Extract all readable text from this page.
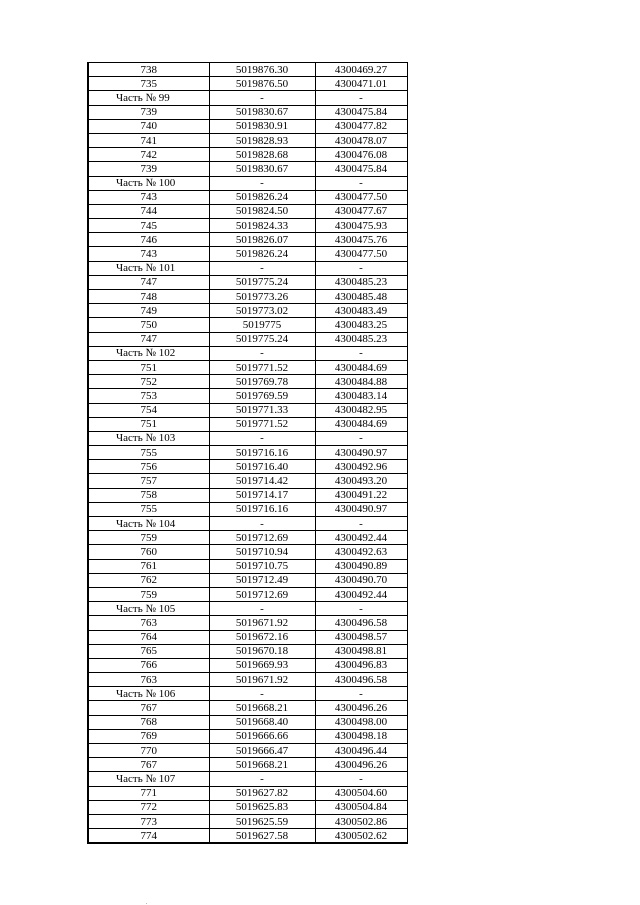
738	5019876.30	4300469.27
735	5019876.50	4300471.01
Часть № 99	-	-
739	5019830.67	4300475.84
740	5019830.91	4300477.82
741	5019828.93	4300478.07
742	5019828.68	4300476.08
739	5019830.67	4300475.84
Часть № 100	-	-
743	5019826.24	4300477.50
744	5019824.50	4300477.67
745	5019824.33	4300475.93
746	5019826.07	4300475.76
743	5019826.24	4300477.50
Часть № 101	-	-
747	5019775.24	4300485.23
748	5019773.26	4300485.48
749	5019773.02	4300483.49
750	5019775	4300483.25
747	5019775.24	4300485.23
Часть № 102	-	-
751	5019771.52	4300484.69
752	5019769.78	4300484.88
753	5019769.59	4300483.14
754	5019771.33	4300482.95
751	5019771.52	4300484.69
Часть № 103	-	-
755	5019716.16	4300490.97
756	5019716.40	4300492.96
757	5019714.42	4300493.20
758	5019714.17	4300491.22
755	5019716.16	4300490.97
Часть № 104	-	-
759	5019712.69	4300492.44
760	5019710.94	4300492.63
761	5019710.75	4300490.89
762	5019712.49	4300490.70
759	5019712.69	4300492.44
Часть № 105	-	-
763	5019671.92	4300496.58
764	5019672.16	4300498.57
765	5019670.18	4300498.81
766	5019669.93	4300496.83
763	5019671.92	4300496.58
Часть № 106	-	-
767	5019668.21	4300496.26
768	5019668.40	4300498.00
769	5019666.66	4300498.18
770	5019666.47	4300496.44
767	5019668.21	4300496.26
Часть № 107	-	-
771	5019627.82	4300504.60
772	5019625.83	4300504.84
773	5019625.59	4300502.86
774	5019627.58	4300502.62
